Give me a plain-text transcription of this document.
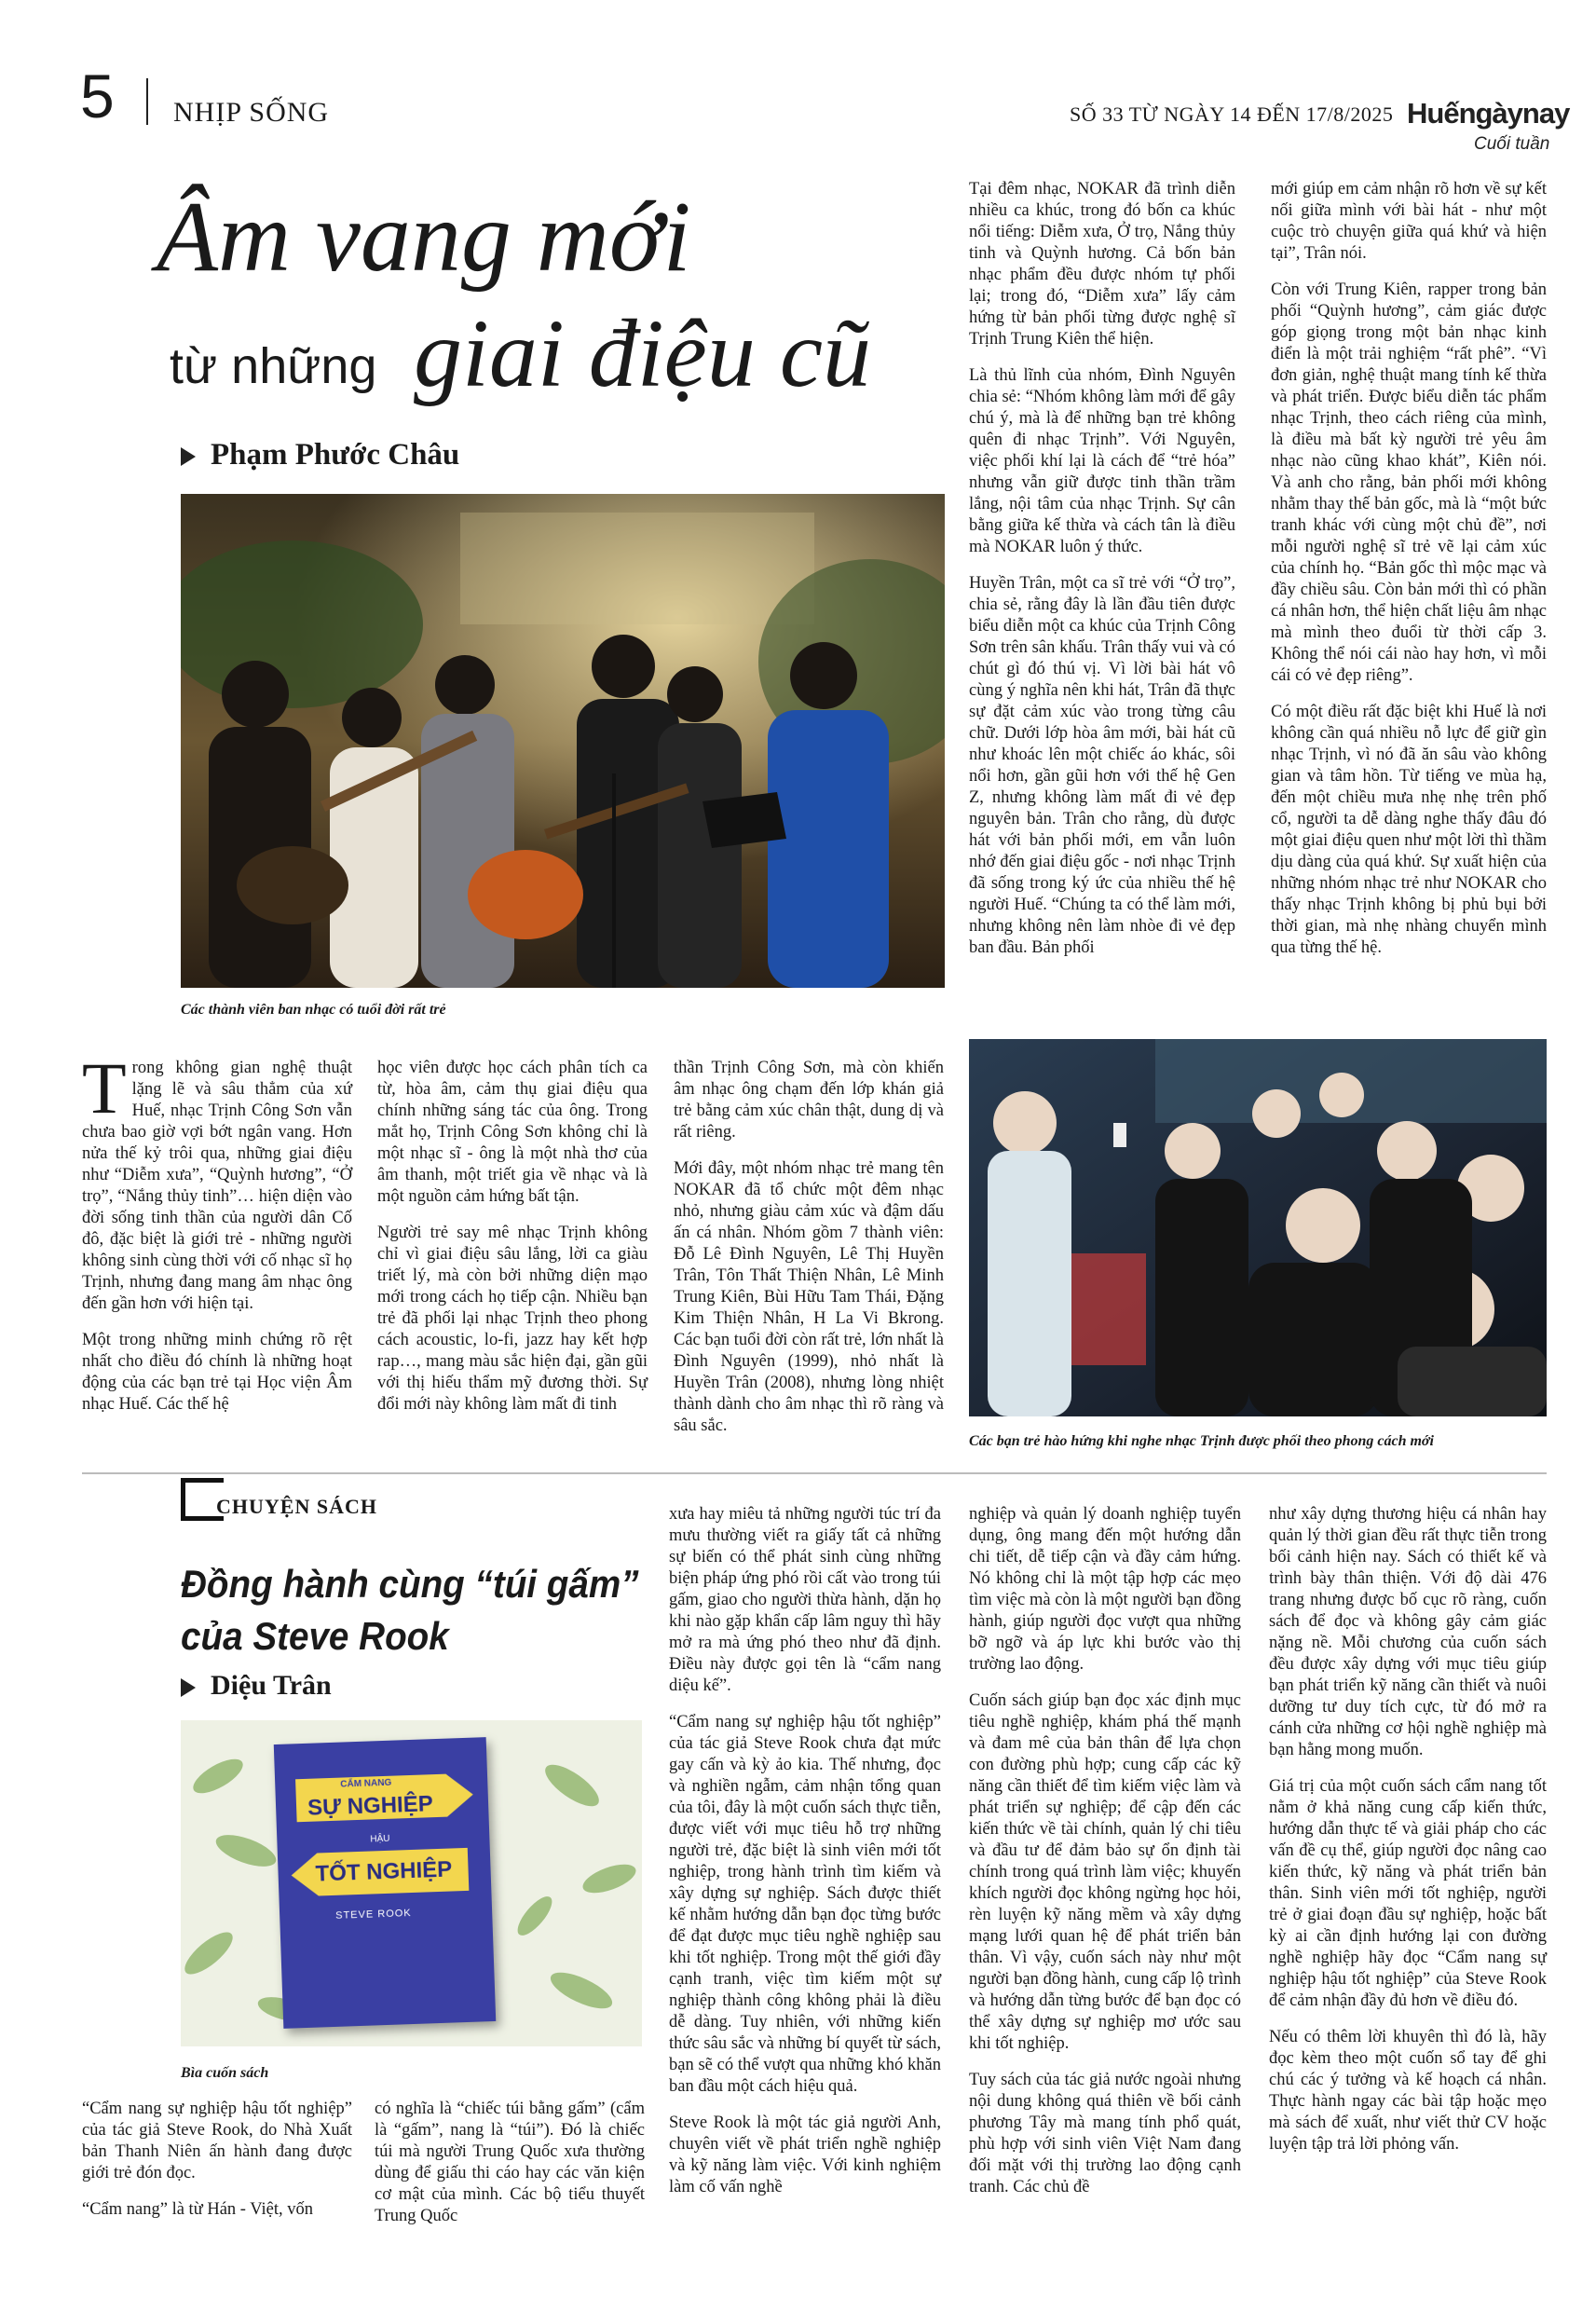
5 NHỊP SỐNG	SỐ 33 TỪ NGÀY 14 ĐẾN 17/8/2025 Huếngàynay
Cuối tuần
Âm vang mới
từ những giai điệu cũ
Phạm Phước Châu
Các thành viên ban nhạc có tuổi đời rất trẻ

Tại đêm nhạc, NOKAR đã trình diễn nhiều ca khúc, trong đó bốn ca khúc nổi tiếng: Diễm xưa, Ở trọ, Nắng thủy tinh và Quỳnh hương. Cả bốn bản nhạc phẩm đều được nhóm tự phối lại; trong đó, “Diễm xưa” lấy cảm hứng từ bản phối từng được nghệ sĩ Trịnh Trung Kiên thể hiện.

Là thủ lĩnh của nhóm, Đình Nguyên chia sẻ: “Nhóm không làm mới để gây chú ý, mà là để những bạn trẻ không quên đi nhạc Trịnh”. Với Nguyên, việc phối khí lại là cách để “trẻ hóa” nhưng vẫn giữ được tinh thần trầm lắng, nội tâm của nhạc Trịnh. Sự cân bằng giữa kế thừa và cách tân là điều mà NOKAR luôn ý thức.

Huyền Trân, một ca sĩ trẻ với “Ở trọ”, chia sẻ, rằng đây là lần đầu tiên được biểu diễn một ca khúc của Trịnh Công Sơn trên sân khấu. Trân thấy vui và có chút gì đó thú vị. Vì lời bài hát vô cùng ý nghĩa nên khi hát, Trân đã thực sự đặt cảm xúc vào trong từng câu chữ. Dưới lớp hòa âm mới, bài hát cũ như khoác lên một chiếc áo khác, sôi nổi hơn, gần gũi hơn với thế hệ Gen Z, nhưng không làm mất đi vẻ đẹp nguyên bản. Trân cho rằng, dù được hát với bản phối mới, em vẫn luôn nhớ đến giai điệu gốc - nơi nhạc Trịnh đã sống trong ký ức của nhiều thế hệ người Huế. “Chúng ta có thể làm mới, nhưng không nên làm nhòe đi vẻ đẹp ban đầu. Bản phối

mới giúp em cảm nhận rõ hơn về sự kết nối giữa mình với bài hát - như một cuộc trò chuyện giữa quá khứ và hiện tại”, Trân nói.

Còn với Trung Kiên, rapper trong bản phối “Quỳnh hương”, cảm giác được góp giọng trong một bản nhạc kinh điển là một trải nghiệm “rất phê”. “Vì đơn giản, nghệ thuật mang tính kế thừa và phát triển. Được biểu diễn tác phẩm nhạc Trịnh, theo cách riêng của mình, là điều mà bất kỳ người trẻ yêu âm nhạc nào cũng khao khát”, Kiên nói. Và anh cho rằng, bản phối mới không nhằm thay thế bản gốc, mà là “một bức tranh khác với cùng một chủ đề”, nơi mỗi người nghệ sĩ trẻ vẽ lại cảm xúc của chính họ. “Bản gốc thì mộc mạc và đầy chiều sâu. Còn bản mới thì có phần cá nhân hơn, thể hiện chất liệu âm nhạc mà mình theo đuổi từ thời cấp 3. Không thể nói cái nào hay hơn, vì mỗi cái có vẻ đẹp riêng”.

Có một điều rất đặc biệt khi Huế là nơi không cần quá nhiều nỗ lực để giữ gìn nhạc Trịnh, vì nó đã ăn sâu vào không gian và tâm hồn. Từ tiếng ve mùa hạ, đến một chiều mưa nhẹ nhẹ trên phố cổ, người ta dễ dàng nghe thấy đâu đó một giai điệu quen như một lời thì thầm dịu dàng của quá khứ. Sự xuất hiện của những nhóm nhạc trẻ như NOKAR cho thấy nhạc Trịnh không bị phủ bụi bởi thời gian, mà nhẹ nhàng chuyển mình qua từng thế hệ.

Trong không gian nghệ thuật lặng lẽ và sâu thẳm của xứ Huế, nhạc Trịnh Công Sơn vẫn chưa bao giờ vợi bớt ngân vang. Hơn nửa thế kỷ trôi qua, những giai điệu như “Diễm xưa”, “Quỳnh hương”, “Ở trọ”, “Nắng thủy tinh”… hiện diện vào đời sống tinh thần của người dân Cố đô, đặc biệt là giới trẻ - những người không sinh cùng thời với cố nhạc sĩ họ Trịnh, nhưng đang mang âm nhạc ông đến gần hơn với hiện tại.

Một trong những minh chứng rõ rệt nhất cho điều đó chính là những hoạt động của các bạn trẻ tại Học viện Âm nhạc Huế. Các thế hệ

học viên được học cách phân tích ca từ, hòa âm, cảm thụ giai điệu qua chính những sáng tác của ông. Trong mắt họ, Trịnh Công Sơn không chỉ là một nhạc sĩ - ông là một nhà thơ của âm thanh, một triết gia về nhạc và là một nguồn cảm hứng bất tận.

Người trẻ say mê nhạc Trịnh không chỉ vì giai điệu sâu lắng, lời ca giàu triết lý, mà còn bởi những diện mạo mới trong cách họ tiếp cận. Nhiều bạn trẻ đã phối lại nhạc Trịnh theo phong cách acoustic, lo-fi, jazz hay kết hợp rap…, mang màu sắc hiện đại, gần gũi với thị hiếu thẩm mỹ đương thời. Sự đổi mới này không làm mất đi tinh

thần Trịnh Công Sơn, mà còn khiến âm nhạc ông chạm đến lớp khán giả trẻ bằng cảm xúc chân thật, dung dị và rất riêng.

Mới đây, một nhóm nhạc trẻ mang tên NOKAR đã tổ chức một đêm nhạc nhỏ, nhưng giàu cảm xúc và đậm dấu ấn cá nhân. Nhóm gồm 7 thành viên: Đỗ Lê Đình Nguyên, Lê Thị Huyền Trân, Tôn Thất Thiện Nhân, Lê Minh Trung Kiên, Bùi Hữu Tam Thái, Đặng Kim Thiện Nhân, H La Vi Bkrong. Các bạn tuổi đời còn rất trẻ, lớn nhất là Đình Nguyên (1999), nhỏ nhất là Huyền Trân (2008), nhưng lòng nhiệt thành dành cho âm nhạc thì rõ ràng và sâu sắc.

Các bạn trẻ hào hứng khi nghe nhạc Trịnh được phối theo phong cách mới
CHUYỆN SÁCH
Đồng hành cùng “túi gấm”
của Steve Rook
Diệu Trân
CẨM NANG
SỰ NGHIỆP
HẬU
TỐT NGHIỆP
STEVE ROOK
Bìa cuốn sách

“Cẩm nang sự nghiệp hậu tốt nghiệp” của tác giả Steve Rook, do Nhà Xuất bản Thanh Niên ấn hành đang được giới trẻ đón đọc.

“Cẩm nang” là từ Hán - Việt, vốn

có nghĩa là “chiếc túi bằng gấm” (cẩm là “gấm”, nang là “túi”). Đó là chiếc túi mà người Trung Quốc xưa thường dùng để giấu thi cáo hay các văn kiện cơ mật của mình. Các bộ tiểu thuyết Trung Quốc

xưa hay miêu tả những người túc trí đa mưu thường viết ra giấy tất cả những sự biến có thể phát sinh cùng những biện pháp ứng phó rồi cất vào trong túi gấm, giao cho người thừa hành, dặn họ khi nào gặp khẩn cấp lâm nguy thì hãy mở ra mà ứng phó theo như đã định. Điều này được gọi tên là “cẩm nang diệu kế”.

“Cẩm nang sự nghiệp hậu tốt nghiệp” của tác giả Steve Rook chưa đạt mức gay cấn và kỳ ảo kia. Thế nhưng, đọc và nghiền ngẫm, cảm nhận tổng quan của tôi, đây là một cuốn sách thực tiễn, được viết với mục tiêu hỗ trợ những người trẻ, đặc biệt là sinh viên mới tốt nghiệp, trong hành trình tìm kiếm và xây dựng sự nghiệp. Sách được thiết kế nhằm hướng dẫn bạn đọc từng bước để đạt được mục tiêu nghề nghiệp sau khi tốt nghiệp. Trong một thế giới đầy cạnh tranh, việc tìm kiếm một sự nghiệp thành công không phải là điều dễ dàng. Tuy nhiên, với những kiến thức sâu sắc và những bí quyết từ sách, bạn sẽ có thể vượt qua những khó khăn ban đầu một cách hiệu quả.

Steve Rook là một tác giả người Anh, chuyên viết về phát triển nghề nghiệp và kỹ năng làm việc. Với kinh nghiệm làm cố vấn nghề

nghiệp và quản lý doanh nghiệp tuyển dụng, ông mang đến một hướng dẫn chi tiết, dễ tiếp cận và đầy cảm hứng. Nó không chỉ là một tập hợp các mẹo tìm việc mà còn là một người bạn đồng hành, giúp người đọc vượt qua những bỡ ngỡ và áp lực khi bước vào thị trường lao động.

Cuốn sách giúp bạn đọc xác định mục tiêu nghề nghiệp, khám phá thế mạnh và đam mê của bản thân để lựa chọn con đường phù hợp; cung cấp các kỹ năng cần thiết để tìm kiếm việc làm và phát triển sự nghiệp; để cập đến các kiến thức về tài chính, quản lý chi tiêu và đầu tư để đảm bảo sự ổn định tài chính trong quá trình làm việc; khuyến khích người đọc không ngừng học hỏi, rèn luyện kỹ năng mềm và xây dựng mạng lưới quan hệ để phát triển bản thân. Vì vậy, cuốn sách này như một người bạn đồng hành, cung cấp lộ trình và hướng dẫn từng bước để bạn đọc có thể xây dựng sự nghiệp mơ ước sau khi tốt nghiệp.

Tuy sách của tác giả nước ngoài nhưng nội dung không quá thiên về bối cảnh phương Tây mà mang tính phổ quát, phù hợp với sinh viên Việt Nam đang đối mặt với thị trường lao động cạnh tranh. Các chủ đề

như xây dựng thương hiệu cá nhân hay quản lý thời gian đều rất thực tiễn trong bối cảnh hiện nay. Sách có thiết kế và trình bày thân thiện. Với độ dài 476 trang nhưng được bố cục rõ ràng, cuốn sách để đọc và không gây cảm giác nặng nề. Mỗi chương của cuốn sách đều được xây dựng với mục tiêu giúp bạn phát triển kỹ năng cần thiết và nuôi dưỡng tư duy tích cực, từ đó mở ra cánh cửa những cơ hội nghề nghiệp mà bạn hằng mong muốn.

Giá trị của một cuốn sách cẩm nang tốt nằm ở khả năng cung cấp kiến thức, hướng dẫn thực tế và giải pháp cho các vấn đề cụ thể, giúp người đọc nâng cao kiến thức, kỹ năng và phát triển bản thân. Sinh viên mới tốt nghiệp, người trẻ ở giai đoạn đầu sự nghiệp, hoặc bất kỳ ai cần định hướng lại con đường nghề nghiệp hãy đọc “Cẩm nang sự nghiệp hậu tốt nghiệp” của Steve Rook để cảm nhận đầy đủ hơn về điều đó.

Nếu có thêm lời khuyên thì đó là, hãy đọc kèm theo một cuốn sổ tay để ghi chú các ý tưởng và kế hoạch cá nhân. Thực hành ngay các bài tập hoặc mẹo mà sách để xuất, như viết thử CV hoặc luyện tập trả lời phỏng vấn.
